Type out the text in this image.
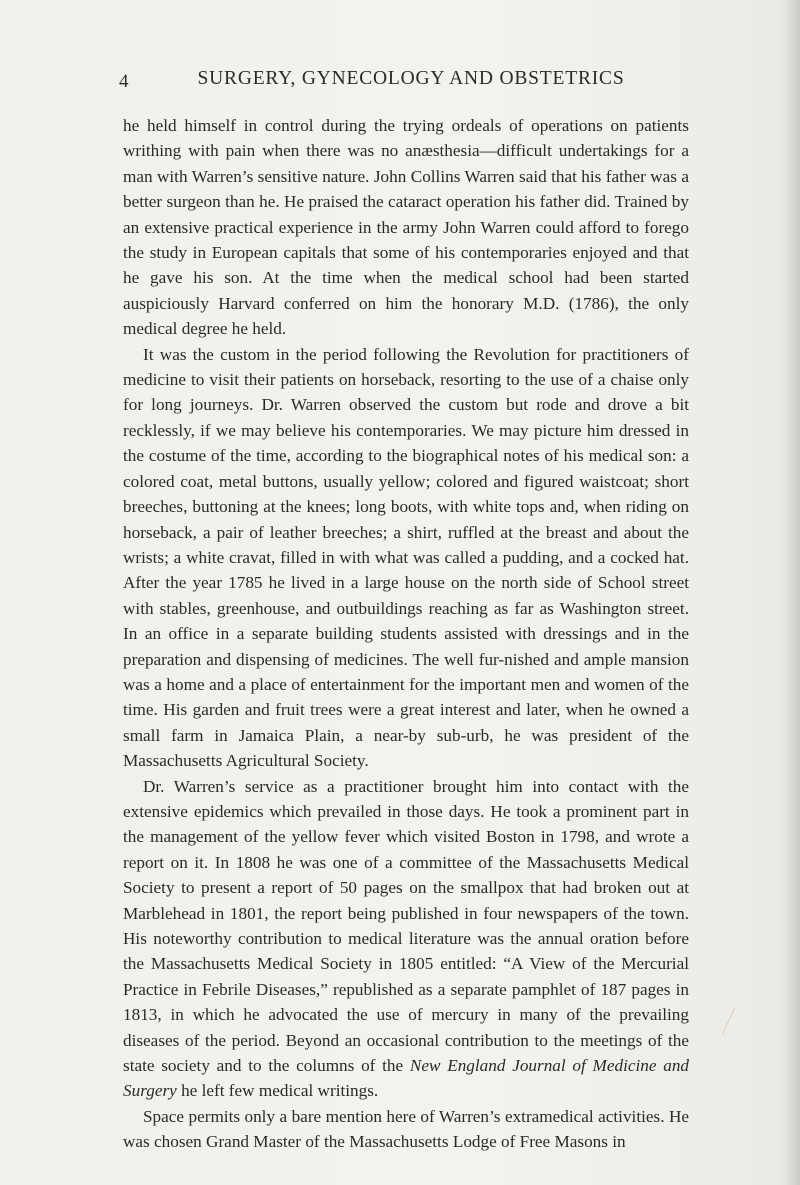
4	SURGERY, GYNECOLOGY AND OBSTETRICS

he held himself in control during the trying ordeals of operations on patients writhing with pain when there was no anæsthesia—difficult undertakings for a man with Warren’s sensitive nature. John Collins Warren said that his father was a better surgeon than he. He praised the cataract operation his father did. Trained by an extensive practical experience in the army John Warren could afford to forego the study in European capitals that some of his contemporaries enjoyed and that he gave his son. At the time when the medical school had been started auspiciously Harvard conferred on him the honorary M.D. (1786), the only medical degree he held.

It was the custom in the period following the Revolution for practitioners of medicine to visit their patients on horseback, resorting to the use of a chaise only for long journeys. Dr. Warren observed the custom but rode and drove a bit recklessly, if we may believe his contemporaries. We may picture him dressed in the costume of the time, according to the biographical notes of his medical son: a colored coat, metal buttons, usually yellow; colored and figured waistcoat; short breeches, buttoning at the knees; long boots, with white tops and, when riding on horseback, a pair of leather breeches; a shirt, ruffled at the breast and about the wrists; a white cravat, filled in with what was called a pudding, and a cocked hat. After the year 1785 he lived in a large house on the north side of School street with stables, greenhouse, and outbuildings reaching as far as Washington street. In an office in a separate building students assisted with dressings and in the preparation and dispensing of medicines. The well fur-nished and ample mansion was a home and a place of entertainment for the important men and women of the time. His garden and fruit trees were a great interest and later, when he owned a small farm in Jamaica Plain, a near-by sub-urb, he was president of the Massachusetts Agricultural Society.

Dr. Warren’s service as a practitioner brought him into contact with the extensive epidemics which prevailed in those days. He took a prominent part in the management of the yellow fever which visited Boston in 1798, and wrote a report on it. In 1808 he was one of a committee of the Massachusetts Medical Society to present a report of 50 pages on the smallpox that had broken out at Marblehead in 1801, the report being published in four newspapers of the town. His noteworthy contribution to medical literature was the annual oration before the Massachusetts Medical Society in 1805 entitled: “A View of the Mercurial Practice in Febrile Diseases,” republished as a separate pamphlet of 187 pages in 1813, in which he advocated the use of mercury in many of the prevailing diseases of the period. Beyond an occasional contribution to the meetings of the state society and to the columns of the New England Journal of Medicine and Surgery he left few medical writings.

Space permits only a bare mention here of Warren’s extramedical activities. He was chosen Grand Master of the Massachusetts Lodge of Free Masons in
